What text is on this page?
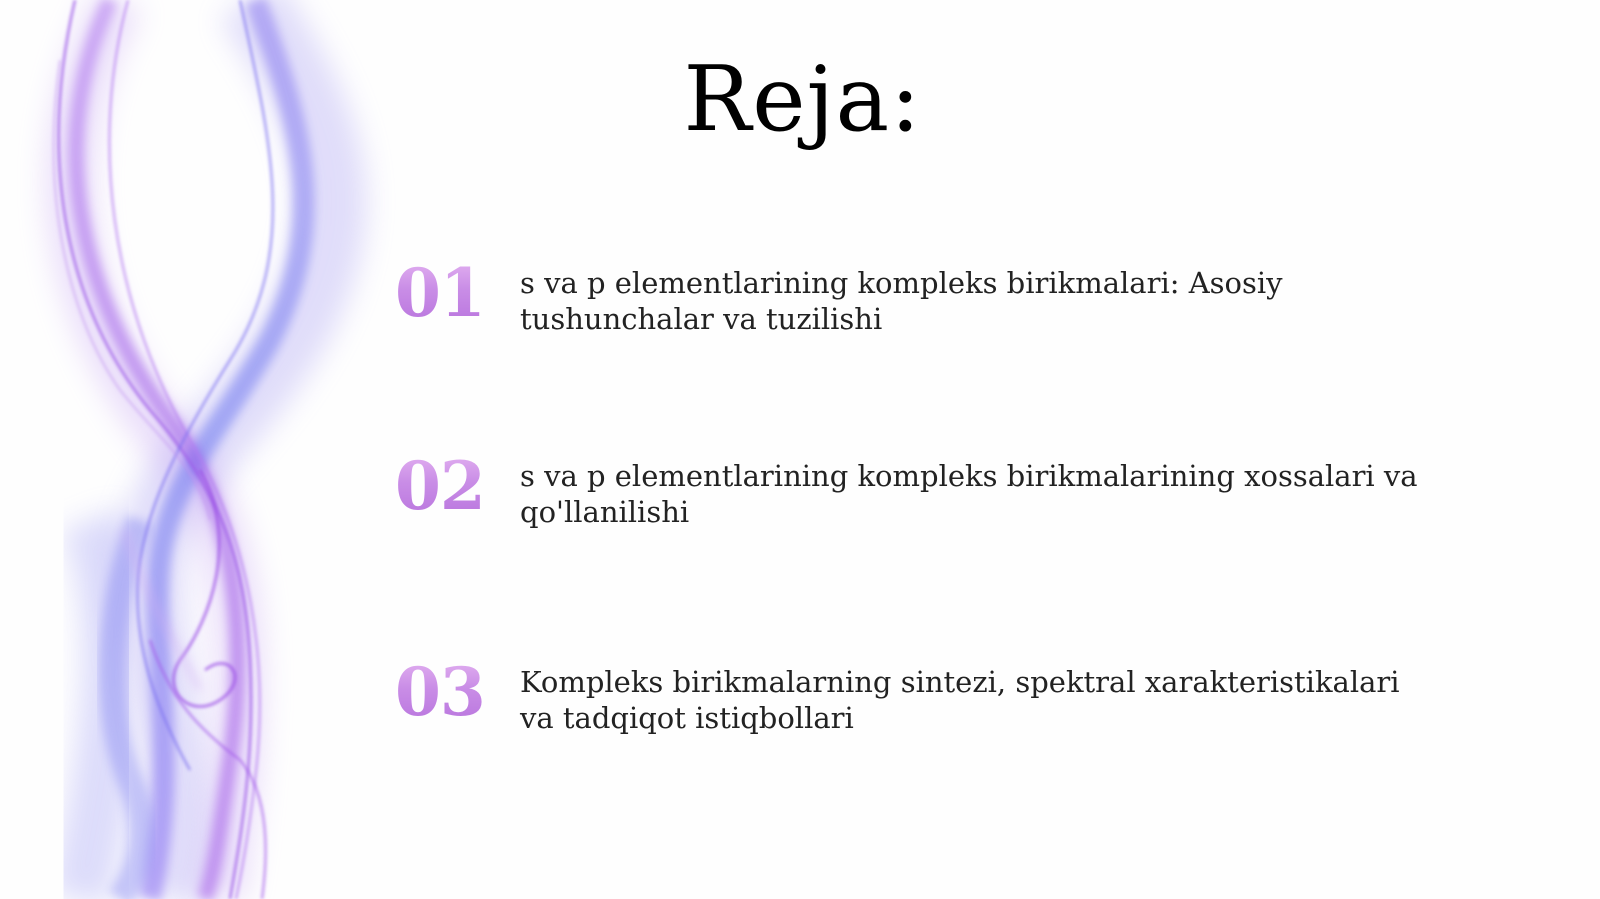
Reja:
01 s va p elementlarining kompleks birikmalari: Asosiy tushunchalar va tuzilishi
02 s va p elementlarining kompleks birikmalarining xossalari va qo'llanilishi
03 Kompleks birikmalarning sintezi, spektral xarakteristikalari va tadqiqot istiqbollari
